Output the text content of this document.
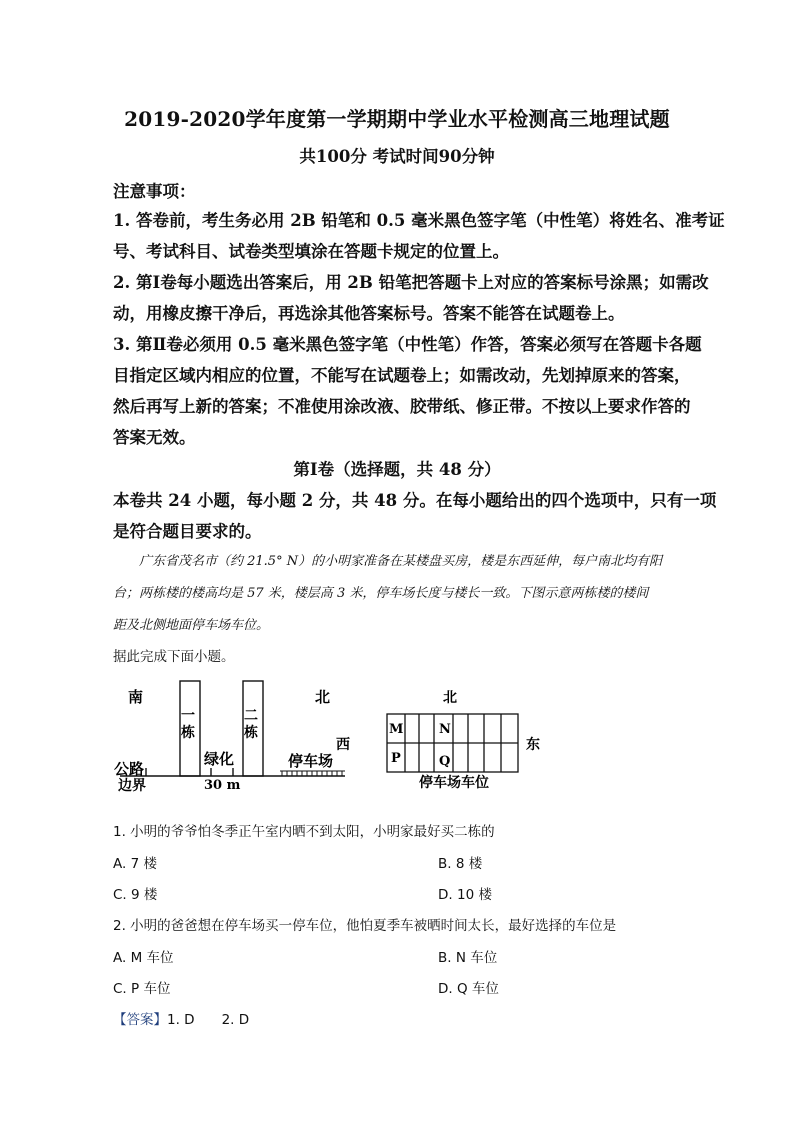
2019-2020学年度第一学期期中学业水平检测高三地理试题
共100分 考试时间90分钟
注意事项：
1. 答卷前，考生务必用 2B 铅笔和 0.5 毫米黑色签字笔（中性笔）将姓名、准考证
号、考试科目、试卷类型填涂在答题卡规定的位置上。
2. 第Ⅰ卷每小题选出答案后，用 2B 铅笔把答题卡上对应的答案标号涂黑；如需改
动，用橡皮擦干净后，再选涂其他答案标号。答案不能答在试题卷上。
3. 第Ⅱ卷必须用 0.5 毫米黑色签字笔（中性笔）作答，答案必须写在答题卡各题
目指定区域内相应的位置，不能写在试题卷上；如需改动，先划掉原来的答案，
然后再写上新的答案；不准使用涂改液、胶带纸、修正带。不按以上要求作答的
答案无效。
第Ⅰ卷（选择题，共 48 分）
本卷共 24 小题，每小题 2 分，共 48 分。在每小题给出的四个选项中，只有一项
是符合题目要求的。
广东省茂名市（约 21.5° N）的小明家准备在某楼盘买房，楼是东西延伸，每户南北均有阳
台；两栋楼的楼高均是 57 米，楼层高 3 米，停车场长度与楼长一致。下图示意两栋楼的楼间
距及北侧地面停车场车位。
据此完成下面小题。
南	北
一
栋
二
栋
公路
边界
绿化
30 m
停车场
北
西	东
M	N
P	Q
停车场车位
1. 小明的爷爷怕冬季正午室内晒不到太阳，小明家最好买二栋的
A. 7 楼	B. 8 楼
C. 9 楼	D. 10 楼
2. 小明的爸爸想在停车场买一停车位，他怕夏季车被晒时间太长，最好选择的车位是
A. M 车位	B. N 车位
C. P 车位	D. Q 车位
【答案】1. D　　2. D
